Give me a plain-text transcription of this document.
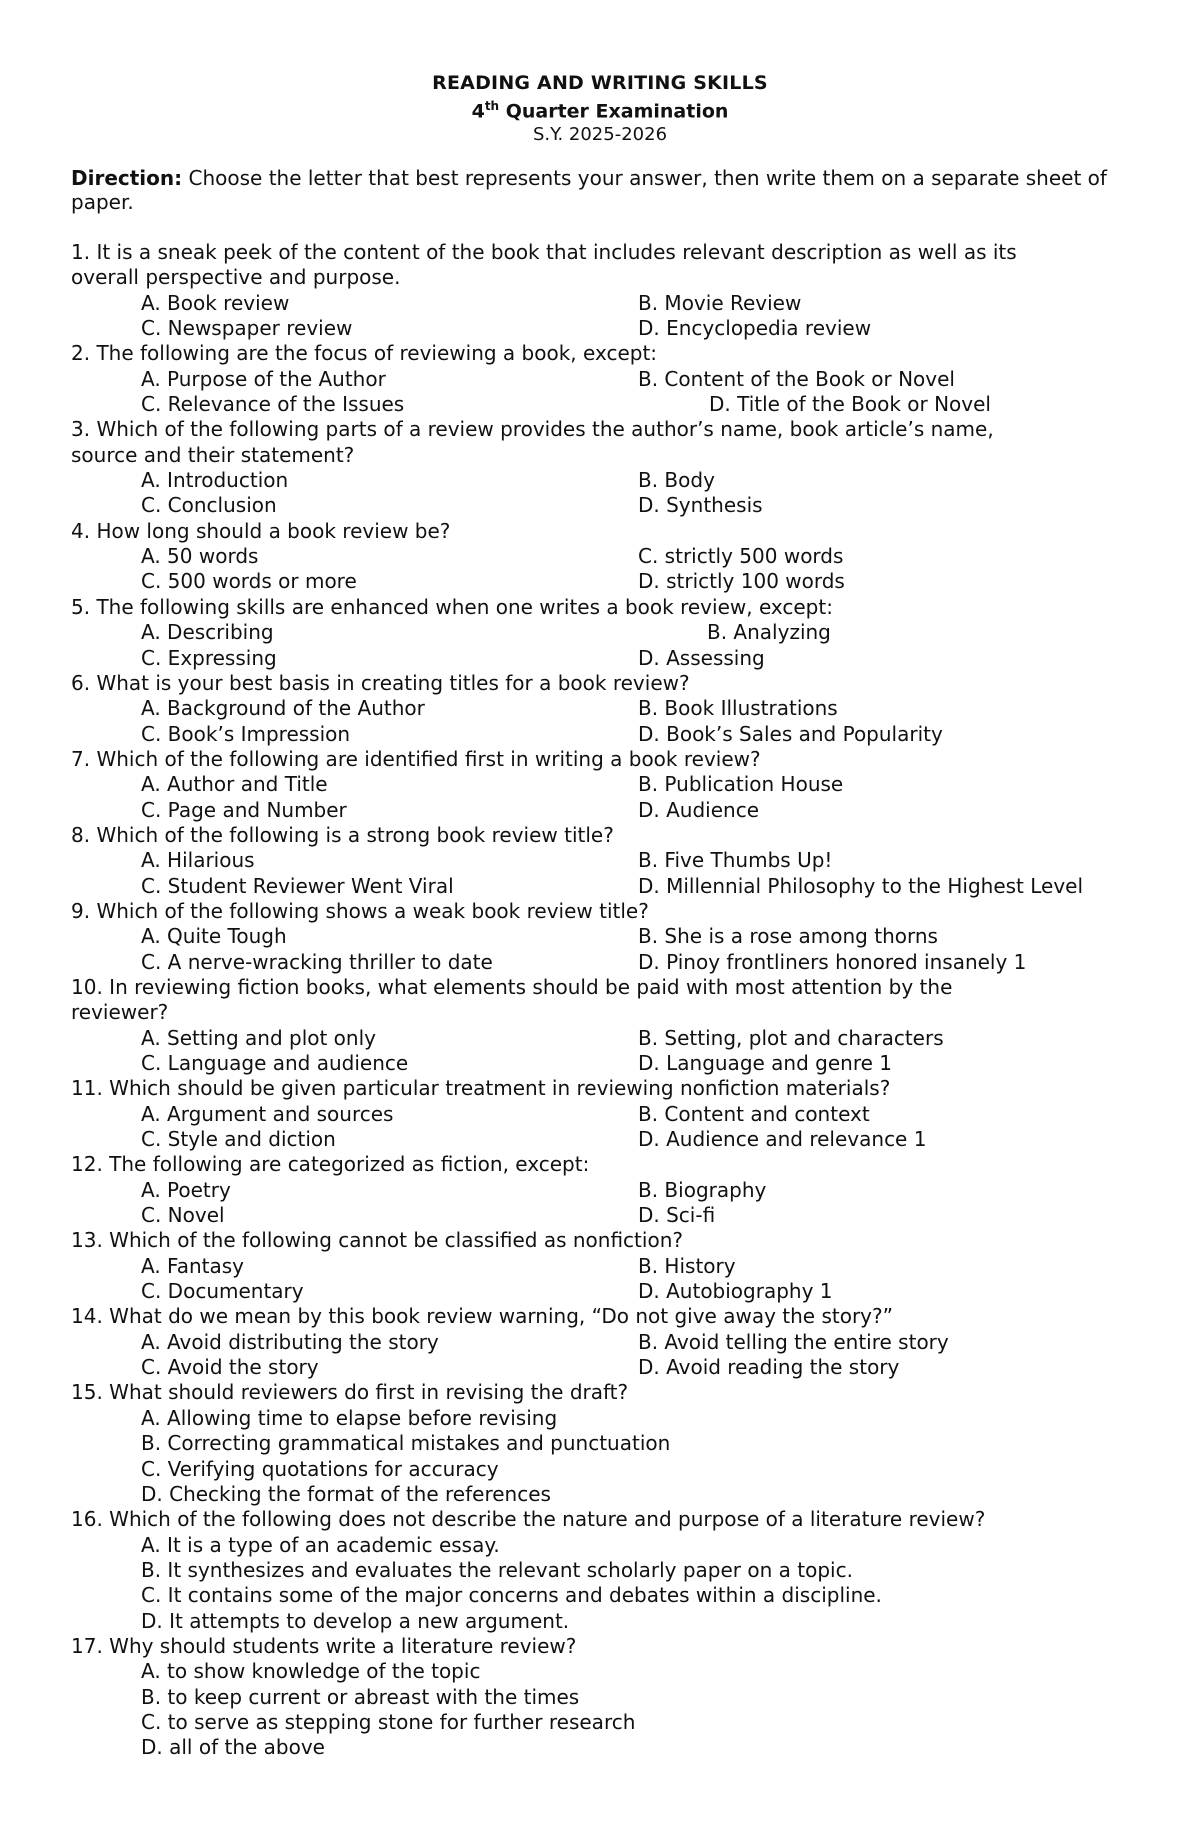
READING AND WRITING SKILLS
4th Quarter Examination
S.Y. 2025-2026
Direction: Choose the letter that best represents your answer, then write them on a separate sheet of paper.
1. It is a sneak peek of the content of the book that includes relevant description as well as its
overall perspective and purpose.
A. Book review	B. Movie Review
C. Newspaper review	D. Encyclopedia review
2. The following are the focus of reviewing a book, except:
A. Purpose of the Author	B. Content of the Book or Novel
C. Relevance of the Issues	D. Title of the Book or Novel
3. Which of the following parts of a review provides the author’s name, book article’s name,
source and their statement?
A. Introduction	B. Body
C. Conclusion	D. Synthesis
4. How long should a book review be?
A. 50 words	C. strictly 500 words
C. 500 words or more	D. strictly 100 words
5. The following skills are enhanced when one writes a book review, except:
A. Describing	B. Analyzing
C. Expressing	D. Assessing
6. What is your best basis in creating titles for a book review?
A. Background of the Author	B. Book Illustrations
C. Book’s Impression	D. Book’s Sales and Popularity
7. Which of the following are identified first in writing a book review?
A. Author and Title	B. Publication House
C. Page and Number	D. Audience
8. Which of the following is a strong book review title?
A. Hilarious	B. Five Thumbs Up!
C. Student Reviewer Went Viral	D. Millennial Philosophy to the Highest Level
9. Which of the following shows a weak book review title?
A. Quite Tough	B. She is a rose among thorns
C. A nerve-wracking thriller to date	D. Pinoy frontliners honored insanely 1
10. In reviewing fiction books, what elements should be paid with most attention by the
reviewer?
A. Setting and plot only	B. Setting, plot and characters
C. Language and audience	D. Language and genre 1
11. Which should be given particular treatment in reviewing nonfiction materials?
A. Argument and sources	B. Content and context
C. Style and diction	D. Audience and relevance 1
12. The following are categorized as fiction, except:
A. Poetry	B. Biography
C. Novel	D. Sci-fi
13. Which of the following cannot be classified as nonfiction?
A. Fantasy	B. History
C. Documentary	D. Autobiography 1
14. What do we mean by this book review warning, “Do not give away the story?”
A. Avoid distributing the story	B. Avoid telling the entire story
C. Avoid the story	D. Avoid reading the story
15. What should reviewers do first in revising the draft?
A. Allowing time to elapse before revising
B. Correcting grammatical mistakes and punctuation
C. Verifying quotations for accuracy
D. Checking the format of the references
16. Which of the following does not describe the nature and purpose of a literature review?
A. It is a type of an academic essay.
B. It synthesizes and evaluates the relevant scholarly paper on a topic.
C. It contains some of the major concerns and debates within a discipline.
D. It attempts to develop a new argument.
17. Why should students write a literature review?
A. to show knowledge of the topic
B. to keep current or abreast with the times
C. to serve as stepping stone for further research
D. all of the above
